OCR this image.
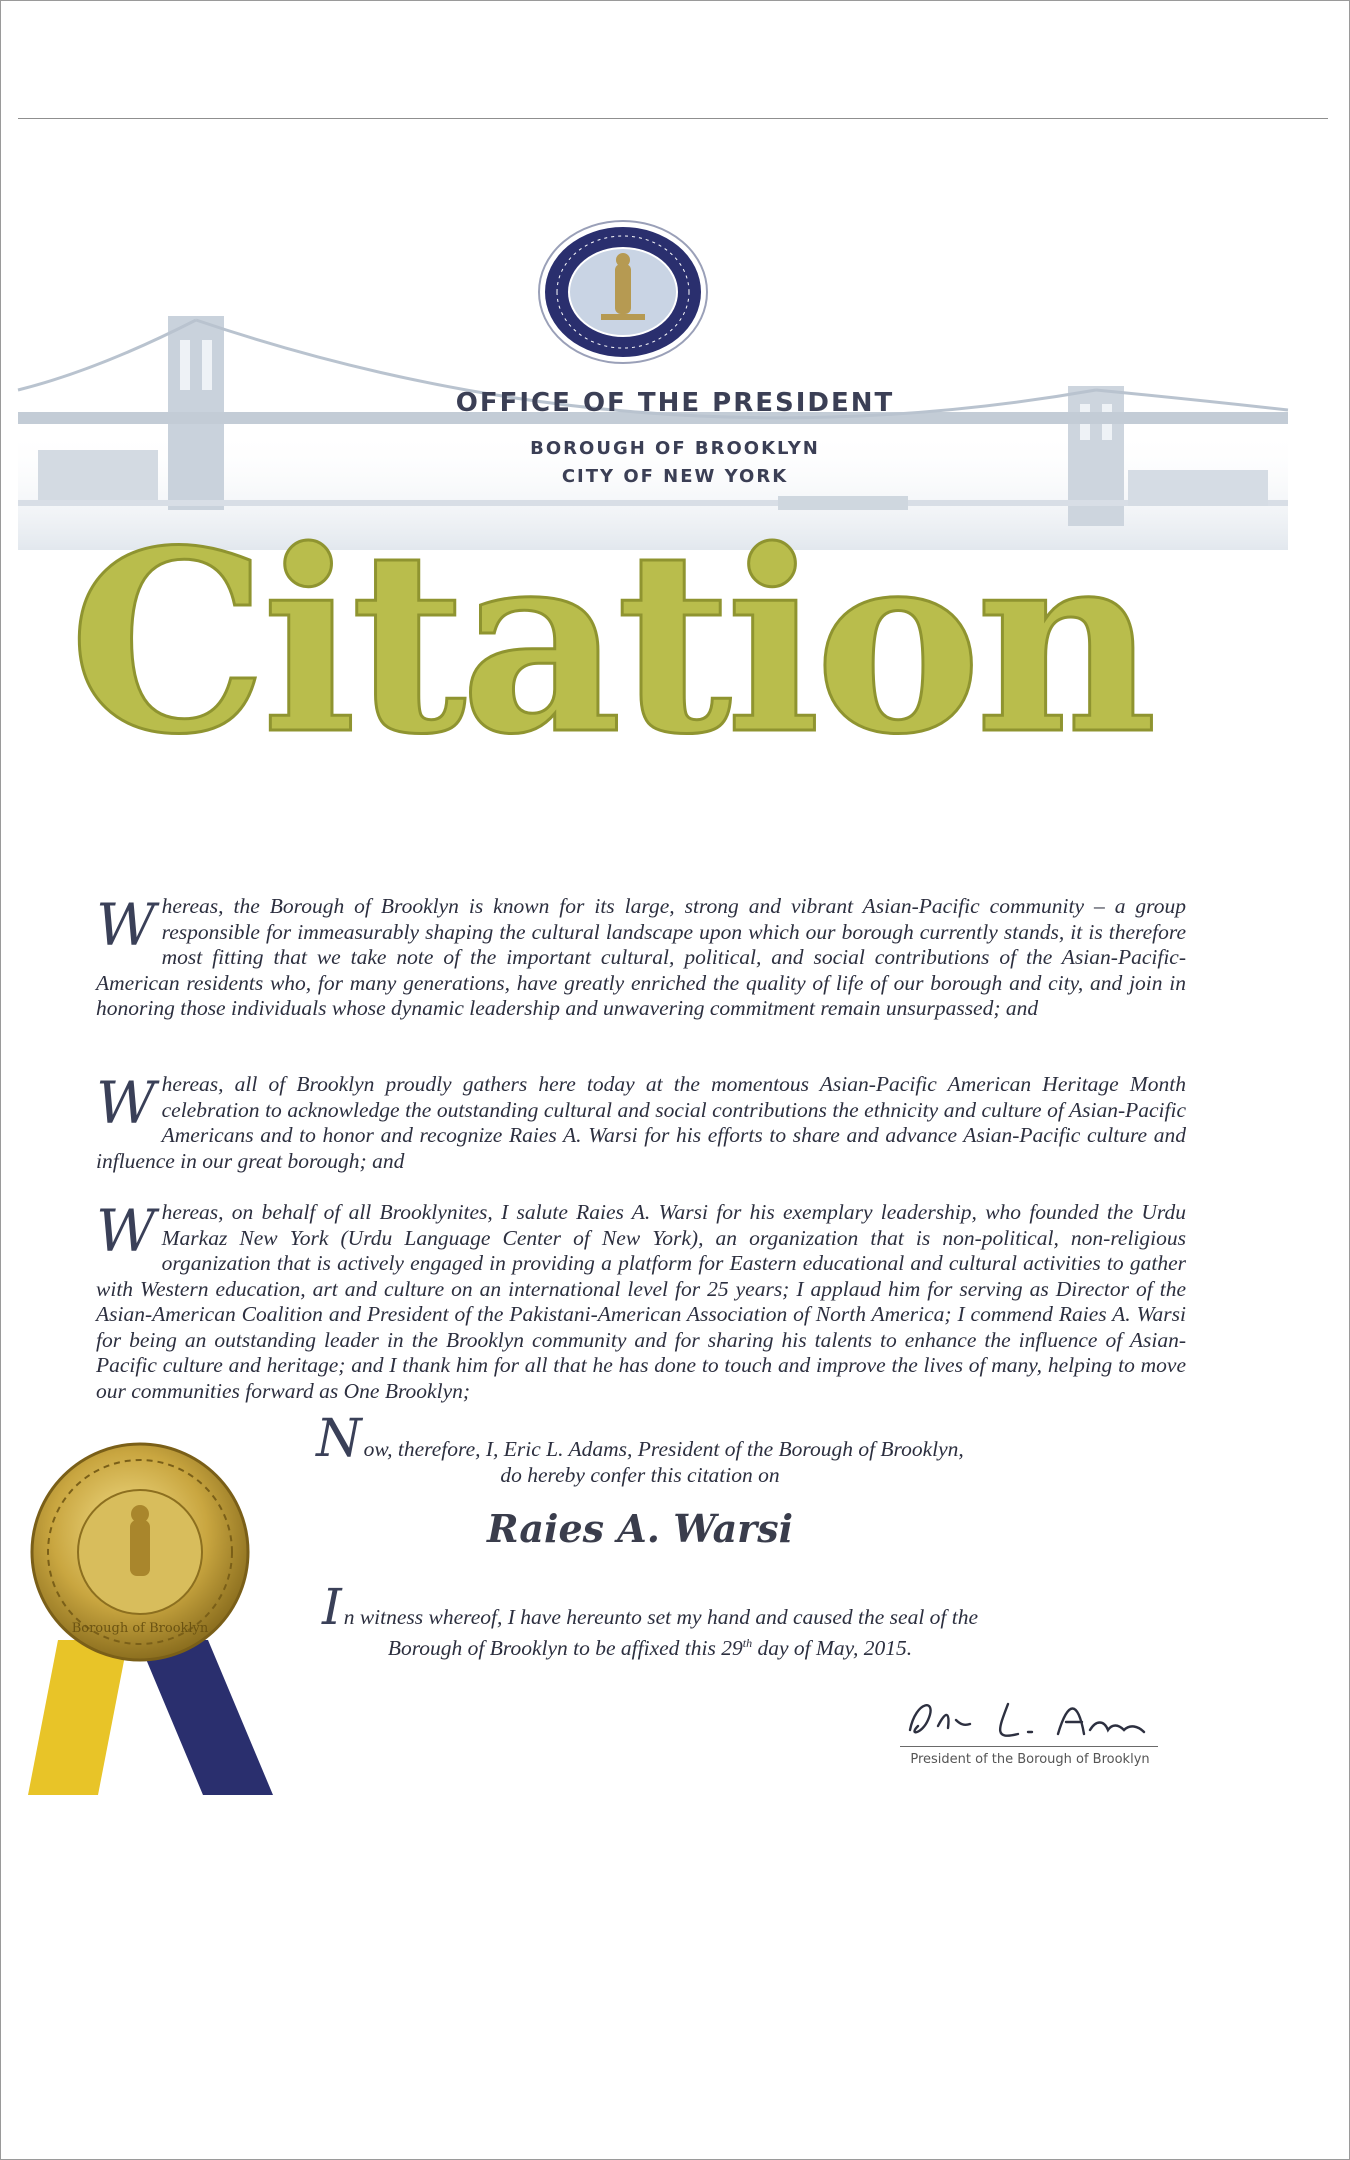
OFFICE OF THE PRESIDENT
BOROUGH OF BROOKLYN
CITY OF NEW YORK
Citation
Whereas, the Borough of Brooklyn is known for its large, strong and vibrant Asian-Pacific community – a group responsible for immeasurably shaping the cultural landscape upon which our borough currently stands, it is therefore most fitting that we take note of the important cultural, political, and social contributions of the Asian-Pacific-American residents who, for many generations, have greatly enriched the quality of life of our borough and city, and join in honoring those individuals whose dynamic leadership and unwavering commitment remain unsurpassed; and
Whereas, all of Brooklyn proudly gathers here today at the momentous Asian-Pacific American Heritage Month celebration to acknowledge the outstanding cultural and social contributions the ethnicity and culture of Asian-Pacific Americans and to honor and recognize Raies A. Warsi for his efforts to share and advance Asian-Pacific culture and influence in our great borough; and
Whereas, on behalf of all Brooklynites, I salute Raies A. Warsi for his exemplary leadership, who founded the Urdu Markaz New York (Urdu Language Center of New York), an organization that is non-political, non-religious organization that is actively engaged in providing a platform for Eastern educational and cultural activities to gather with Western education, art and culture on an international level for 25 years; I applaud him for serving as Director of the Asian-American Coalition and President of the Pakistani-American Association of North America; I commend Raies A. Warsi for being an outstanding leader in the Brooklyn community and for sharing his talents to enhance the influence of Asian-Pacific culture and heritage; and I thank him for all that he has done to touch and improve the lives of many, helping to move our communities forward as One Brooklyn;
Now, therefore, I, Eric L. Adams, President of the Borough of Brooklyn,
do hereby confer this citation on
Raies A. Warsi
In witness whereof, I have hereunto set my hand and caused the seal of the
Borough of Brooklyn to be affixed this 29th day of May, 2015.
Borough of Brooklyn
President of the Borough of Brooklyn
